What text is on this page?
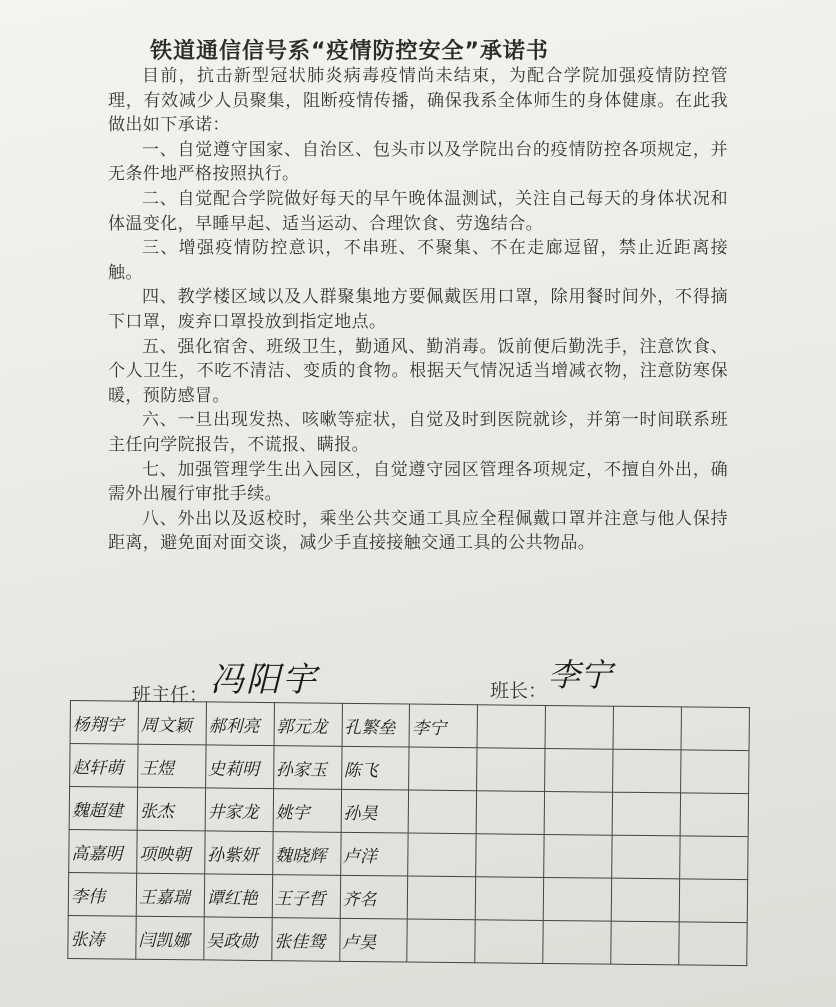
铁道通信信号系“疫情防控安全”承诺书

目前，抗击新型冠状肺炎病毒疫情尚未结束，为配合学院加强疫情防控管理，有效减少人员聚集，阻断疫情传播，确保我系全体师生的身体健康。在此我做出如下承诺：

一、自觉遵守国家、自治区、包头市以及学院出台的疫情防控各项规定，并无条件地严格按照执行。

二、自觉配合学院做好每天的早午晚体温测试，关注自己每天的身体状况和体温变化，早睡早起、适当运动、合理饮食、劳逸结合。

三、增强疫情防控意识，不串班、不聚集、不在走廊逗留，禁止近距离接触。

四、教学楼区域以及人群聚集地方要佩戴医用口罩，除用餐时间外，不得摘下口罩，废弃口罩投放到指定地点。

五、强化宿舍、班级卫生，勤通风、勤消毒。饭前便后勤洗手，注意饮食、个人卫生，不吃不清洁、变质的食物。根据天气情况适当增减衣物，注意防寒保暖，预防感冒。

六、一旦出现发热、咳嗽等症状，自觉及时到医院就诊，并第一时间联系班主任向学院报告，不谎报、瞒报。

七、加强管理学生出入园区，自觉遵守园区管理各项规定，不擅自外出，确需外出履行审批手续。

八、外出以及返校时，乘坐公共交通工具应全程佩戴口罩并注意与他人保持距离，避免面对面交谈，减少手直接接触交通工具的公共物品。

班主任： 冯阳宇	班长： 李宁
杨翔宇	周文颖	郝利亮	郭元龙	孔繁垒	李宁				
赵轩萌	王煜	史莉明	孙家玉	陈飞					
魏超建	张杰	井家龙	姚宇	孙昊					
高嘉明	项映朝	孙紫妍	魏晓辉	卢洋					
李伟	王嘉瑞	谭红艳	王子哲	齐名					
张涛	闫凯娜	吴政勋	张佳鸳	卢昊					
